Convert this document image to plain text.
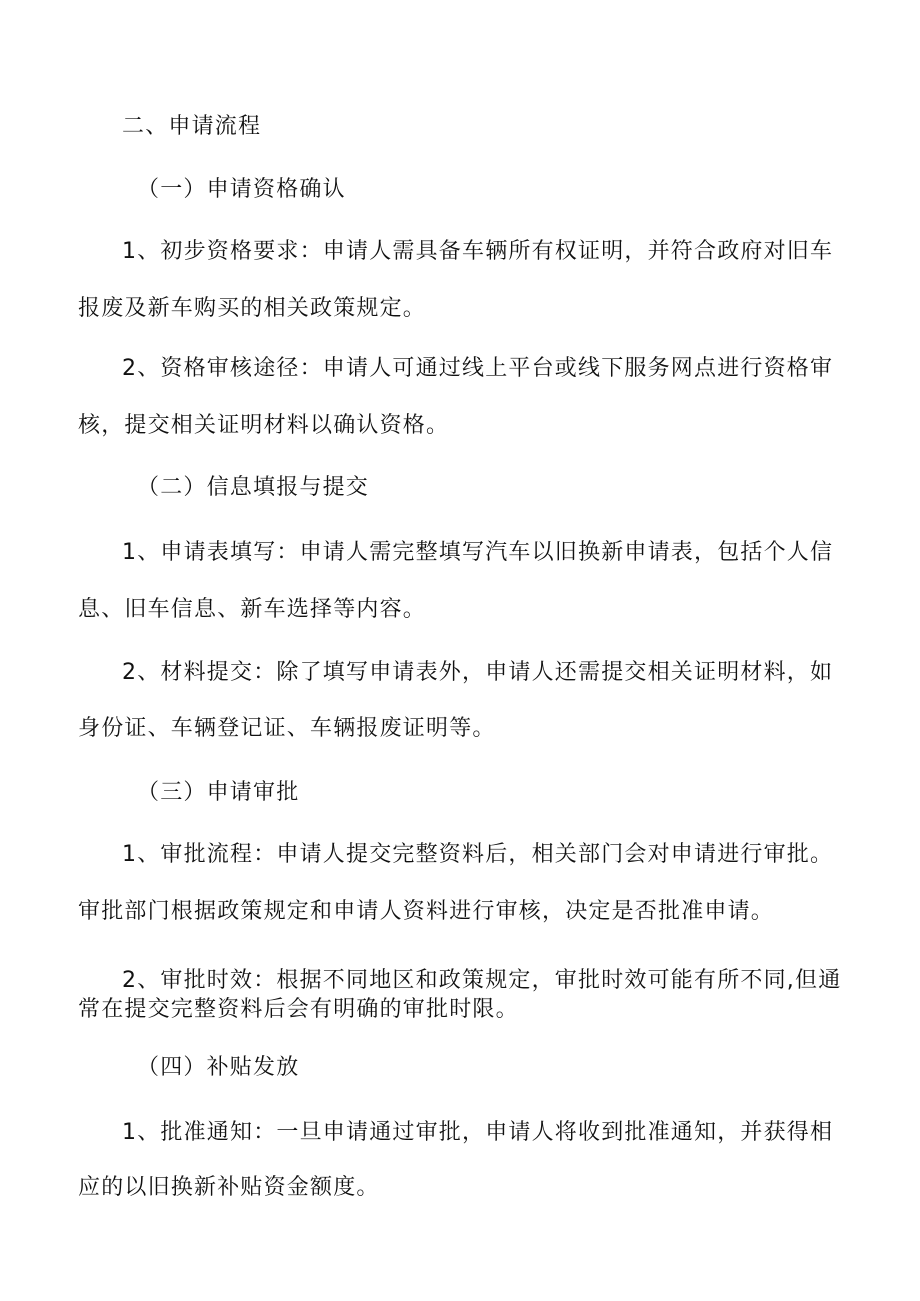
二、申请流程
（一）申请资格确认
1、初步资格要求：申请人需具备车辆所有权证明，并符合政府对旧车
报废及新车购买的相关政策规定。
2、资格审核途径：申请人可通过线上平台或线下服务网点进行资格审
核，提交相关证明材料以确认资格。
（二）信息填报与提交
1、申请表填写：申请人需完整填写汽车以旧换新申请表，包括个人信
息、旧车信息、新车选择等内容。
2、材料提交：除了填写申请表外，申请人还需提交相关证明材料，如
身份证、车辆登记证、车辆报废证明等。
（三）申请审批
1、审批流程：申请人提交完整资料后，相关部门会对申请进行审批。
审批部门根据政策规定和申请人资料进行审核，决定是否批准申请。
2、审批时效：根据不同地区和政策规定，审批时效可能有所不同,但通
常在提交完整资料后会有明确的审批时限。
（四）补贴发放
1、批准通知：一旦申请通过审批，申请人将收到批准通知，并获得相
应的以旧换新补贴资金额度。
